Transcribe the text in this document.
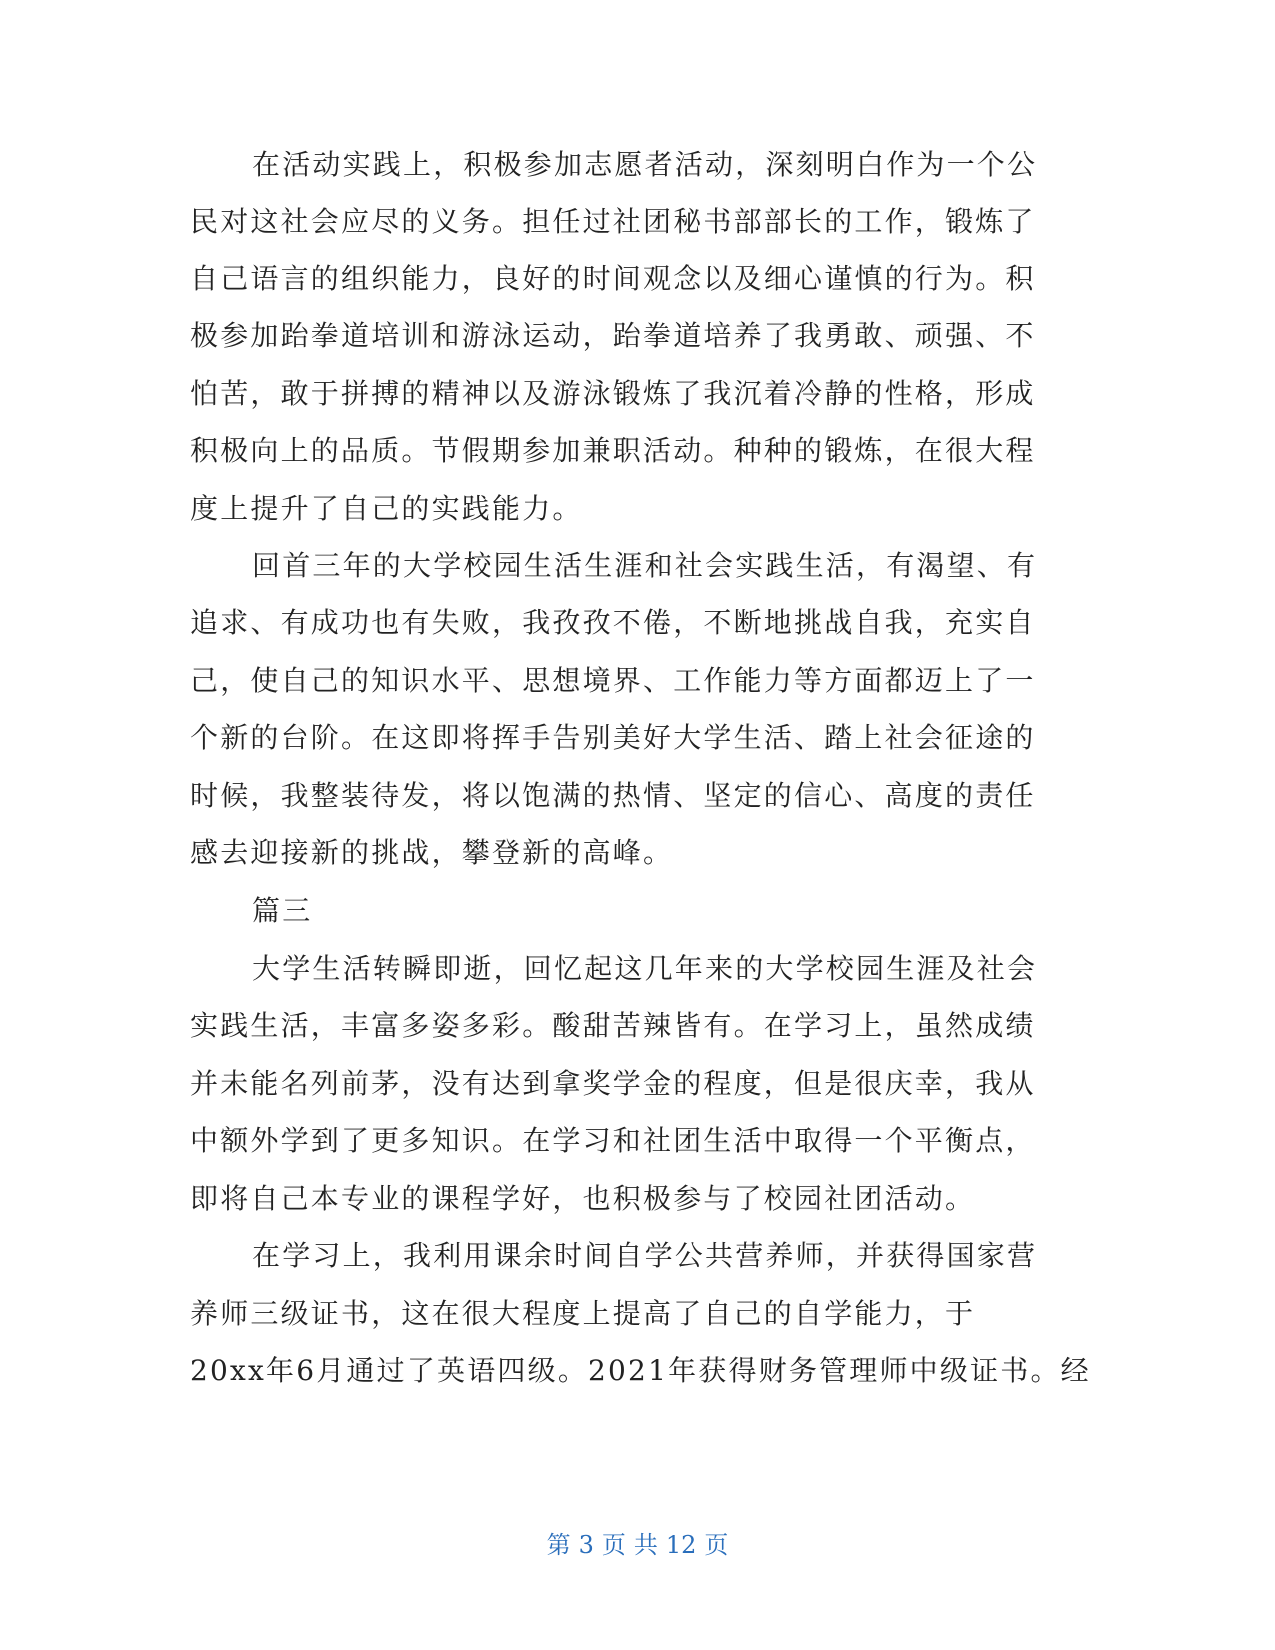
在活动实践上，积极参加志愿者活动，深刻明白作为一个公
民对这社会应尽的义务。担任过社团秘书部部长的工作，锻炼了
自己语言的组织能力，良好的时间观念以及细心谨慎的行为。积
极参加跆拳道培训和游泳运动，跆拳道培养了我勇敢、顽强、不
怕苦，敢于拼搏的精神以及游泳锻炼了我沉着冷静的性格，形成
积极向上的品质。节假期参加兼职活动。种种的锻炼，在很大程
度上提升了自己的实践能力。
回首三年的大学校园生活生涯和社会实践生活，有渴望、有
追求、有成功也有失败，我孜孜不倦，不断地挑战自我，充实自
己，使自己的知识水平、思想境界、工作能力等方面都迈上了一
个新的台阶。在这即将挥手告别美好大学生活、踏上社会征途的
时候，我整装待发，将以饱满的热情、坚定的信心、高度的责任
感去迎接新的挑战，攀登新的高峰。
篇三
大学生活转瞬即逝，回忆起这几年来的大学校园生涯及社会
实践生活，丰富多姿多彩。酸甜苦辣皆有。在学习上，虽然成绩
并未能名列前茅，没有达到拿奖学金的程度，但是很庆幸，我从
中额外学到了更多知识。在学习和社团生活中取得一个平衡点，
即将自己本专业的课程学好，也积极参与了校园社团活动。
在学习上，我利用课余时间自学公共营养师，并获得国家营
养师三级证书，这在很大程度上提高了自己的自学能力，于
20xx年6月通过了英语四级。2021年获得财务管理师中级证书。经
第 3 页 共 12 页
